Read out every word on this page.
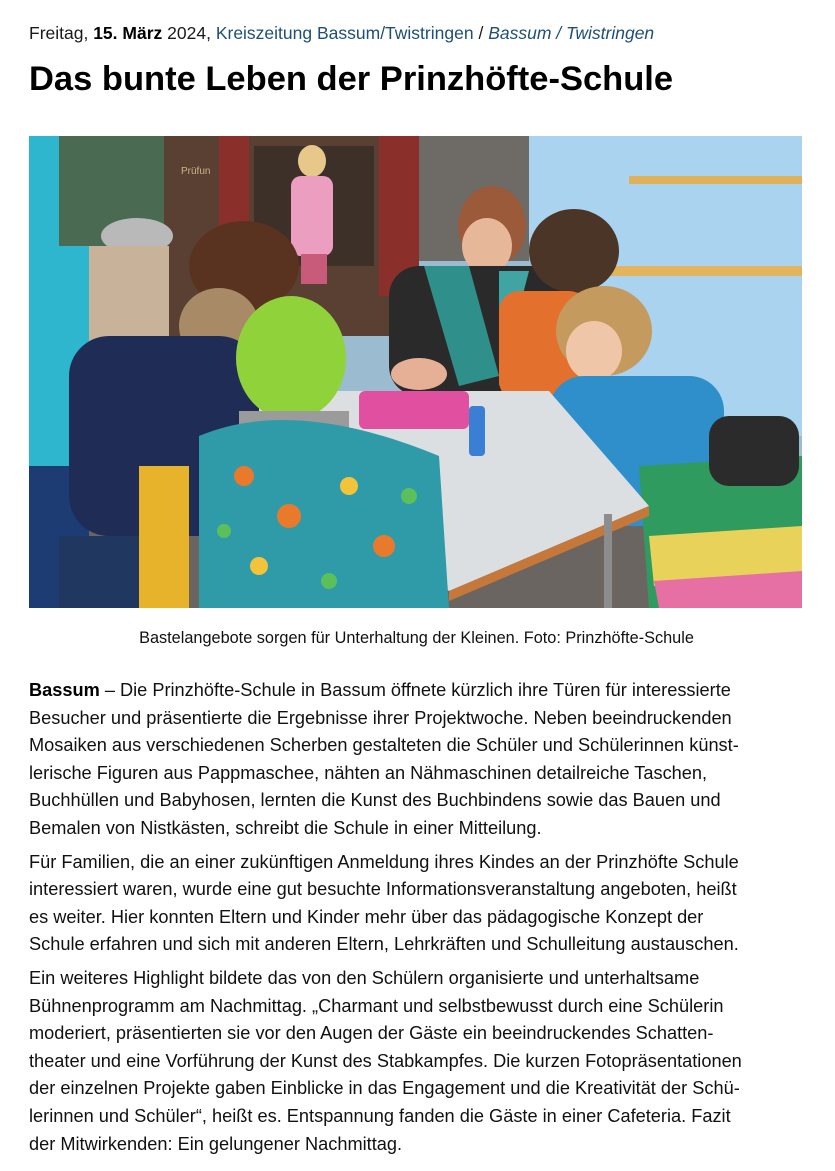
Freitag, 15. März 2024, Kreiszeitung Bassum/Twistringen / Bassum / Twistringen
Das bunte Leben der Prinzhöfte-Schule
Prüfun
Bastelangebote sorgen für Unterhaltung der Kleinen. Foto: Prinzhöfte-Schule

Bassum – Die Prinzhöfte-Schule in Bassum öffnete kürzlich ihre Türen für interessierte
Besucher und präsentierte die Ergebnisse ihrer Projektwoche. Neben beeindruckenden
Mosaiken aus verschiedenen Scherben gestalteten die Schüler und Schülerinnen künst-
lerische Figuren aus Pappmaschee, nähten an Nähmaschinen detailreiche Taschen,
Buchhüllen und Babyhosen, lernten die Kunst des Buchbindens sowie das Bauen und
Bemalen von Nistkästen, schreibt die Schule in einer Mitteilung.

Für Familien, die an einer zukünftigen Anmeldung ihres Kindes an der Prinzhöfte Schule
interessiert waren, wurde eine gut besuchte Informationsveranstaltung angeboten, heißt
es weiter. Hier konnten Eltern und Kinder mehr über das pädagogische Konzept der
Schule erfahren und sich mit anderen Eltern, Lehrkräften und Schulleitung austauschen.

Ein weiteres Highlight bildete das von den Schülern organisierte und unterhaltsame
Bühnenprogramm am Nachmittag. „Charmant und selbstbewusst durch eine Schülerin
moderiert, präsentierten sie vor den Augen der Gäste ein beeindruckendes Schatten-
theater und eine Vorführung der Kunst des Stabkampfes. Die kurzen Fotopräsentationen
der einzelnen Projekte gaben Einblicke in das Engagement und die Kreativität der Schü-
lerinnen und Schüler“, heißt es. Entspannung fanden die Gäste in einer Cafeteria. Fazit
der Mitwirkenden: Ein gelungener Nachmittag.
